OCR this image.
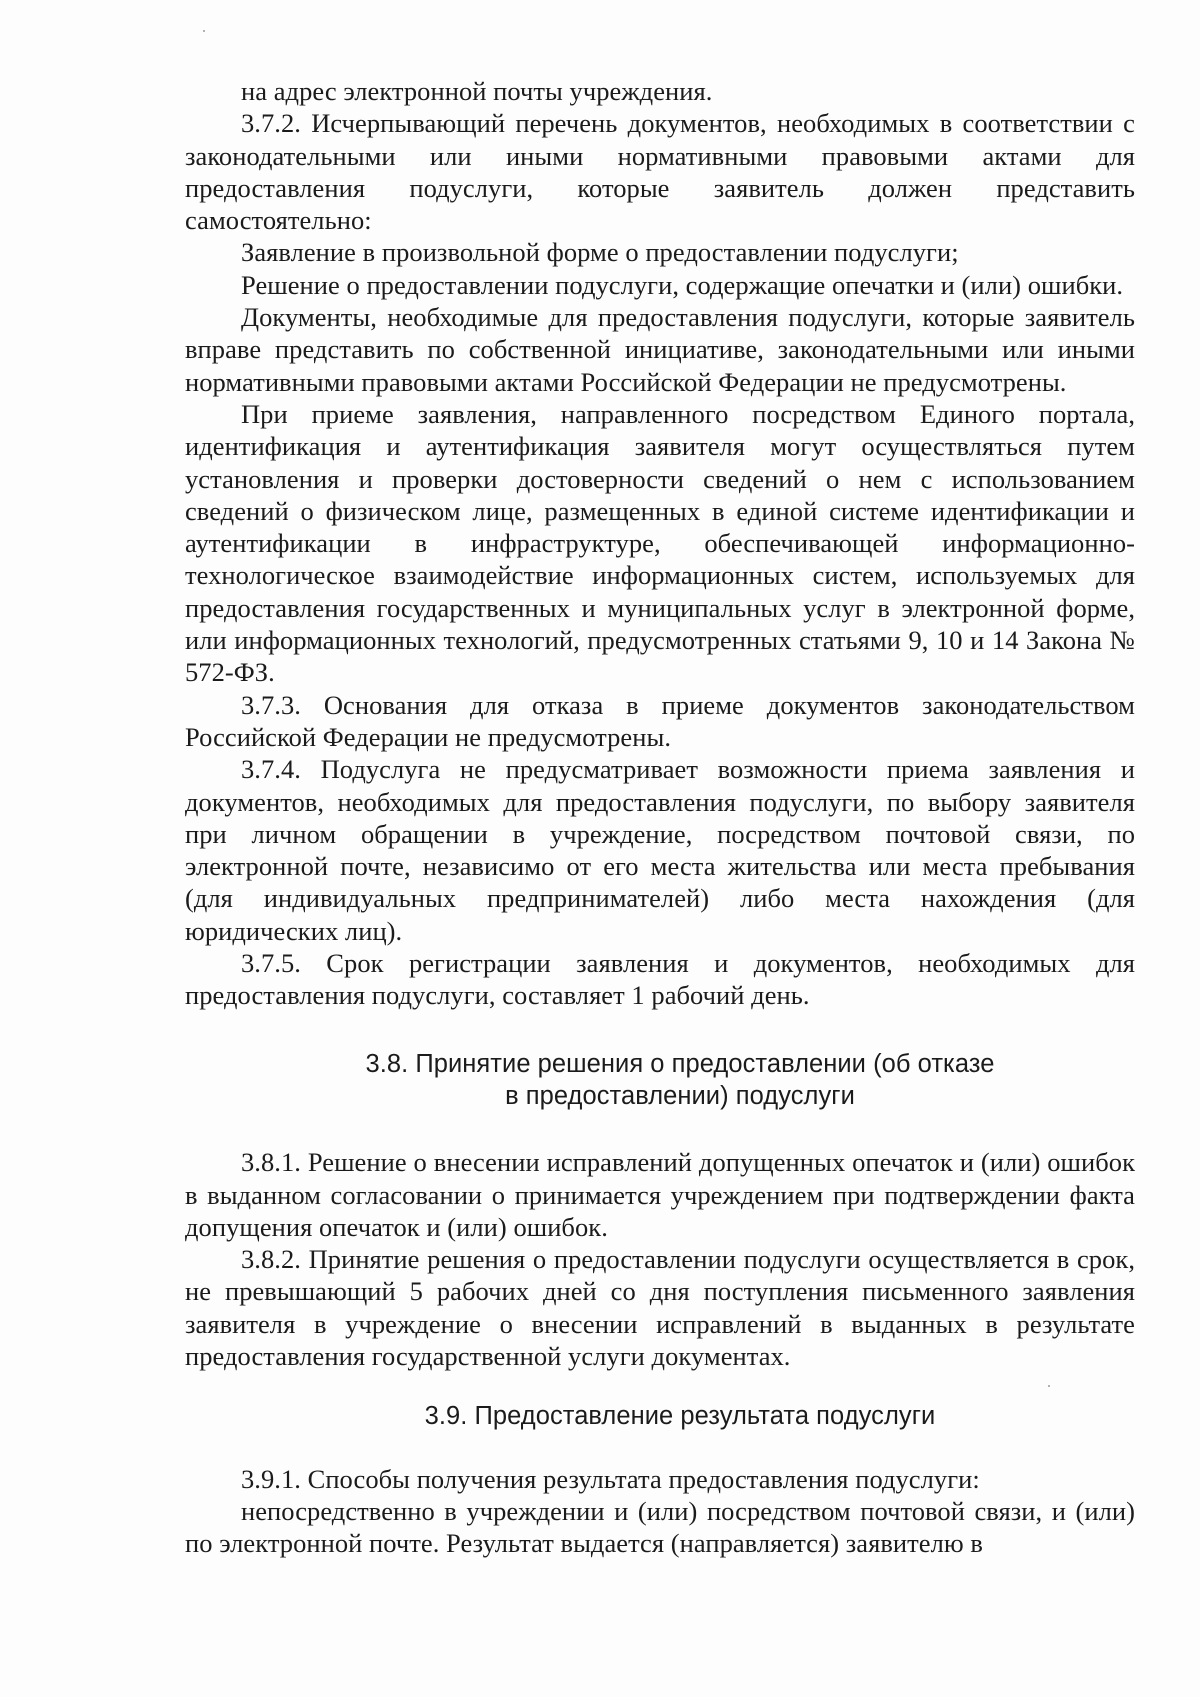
на адрес электронной почты учреждения.

3.7.2. Исчерпывающий перечень документов, необходимых в соответствии с законодательными или иными нормативными правовыми актами для предоставления подуслуги, которые заявитель должен представить самостоятельно:

Заявление в произвольной форме о предоставлении подуслуги;

Решение о предоставлении подуслуги, содержащие опечатки и (или) ошибки.

Документы, необходимые для предоставления подуслуги, которые заявитель вправе представить по собственной инициативе, законодательными или иными нормативными правовыми актами Российской Федерации не предусмотрены.

При приеме заявления, направленного посредством Единого портала, идентификация и аутентификация заявителя могут осуществляться путем установления и проверки достоверности сведений о нем с использованием сведений о физическом лице, размещенных в единой системе идентификации и аутентификации в инфраструктуре, обеспечивающей информационно-технологическое взаимодействие информационных систем, используемых для предоставления государственных и муниципальных услуг в электронной форме, или информационных технологий, предусмотренных статьями 9, 10 и 14 Закона № 572-ФЗ.

3.7.3. Основания для отказа в приеме документов законодательством Российской Федерации не предусмотрены.

3.7.4. Подуслуга не предусматривает возможности приема заявления и документов, необходимых для предоставления подуслуги, по выбору заявителя при личном обращении в учреждение, посредством почтовой связи, по электронной почте, независимо от его места жительства или места пребывания (для индивидуальных предпринимателей) либо места нахождения (для юридических лиц).

3.7.5. Срок регистрации заявления и документов, необходимых для предоставления подуслуги, составляет 1 рабочий день.

3.8. Принятие решения о предоставлении (об отказе
в предоставлении) подуслуги

3.8.1. Решение о внесении исправлений допущенных опечаток и (или) ошибок в выданном согласовании о принимается учреждением при подтверждении факта допущения опечаток и (или) ошибок.

3.8.2. Принятие решения о предоставлении подуслуги осуществляется в срок, не превышающий 5 рабочих дней со дня поступления письменного заявления заявителя в учреждение о внесении исправлений в выданных в результате предоставления государственной услуги документах.

3.9. Предоставление результата подуслуги

3.9.1. Способы получения результата предоставления подуслуги:

непосредственно в учреждении и (или) посредством почтовой связи, и (или) по электронной почте. Результат выдается (направляется) заявителю в
